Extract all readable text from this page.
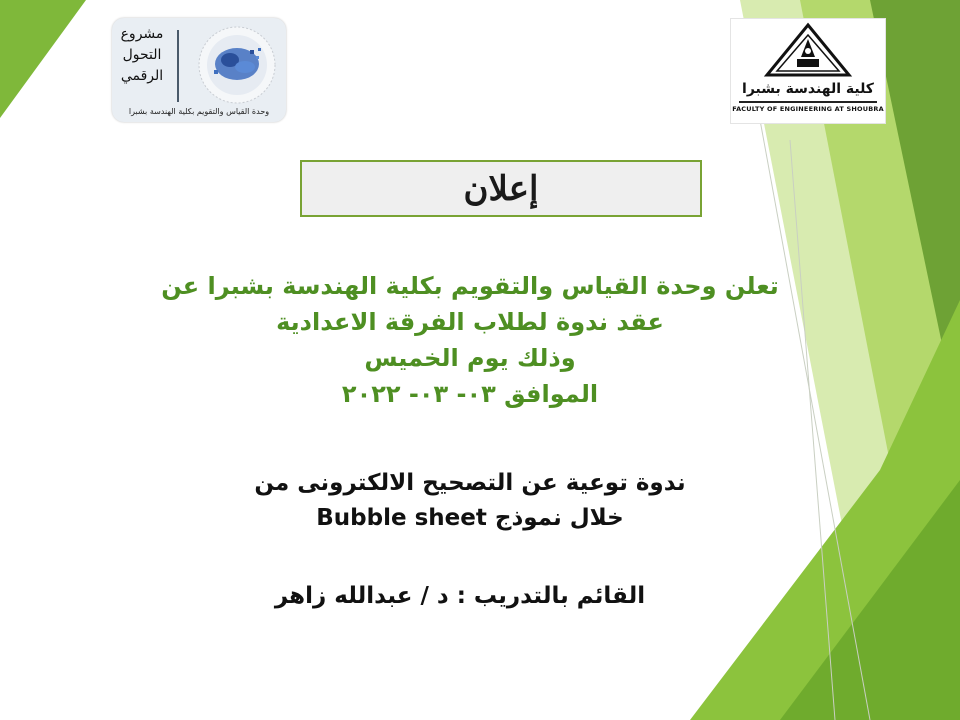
مشروع
التحول
الرقمي
وحدة القياس والتقويم بكلية الهندسة بشبرا
كلية الهندسة بشبرا
FACULTY OF ENGINEERING AT SHOUBRA
إعلان
تعلن وحدة القياس والتقويم بكلية الهندسة بشبرا عن
عقد ندوة لطلاب الفرقة الاعدادية
وذلك يوم الخميس
الموافق ٠٣- ٠٣- ٢٠٢٢
ندوة توعية عن التصحيح الالكترونى من
خلال نموذج Bubble sheet
القائم بالتدريب : د / عبدالله زاهر
